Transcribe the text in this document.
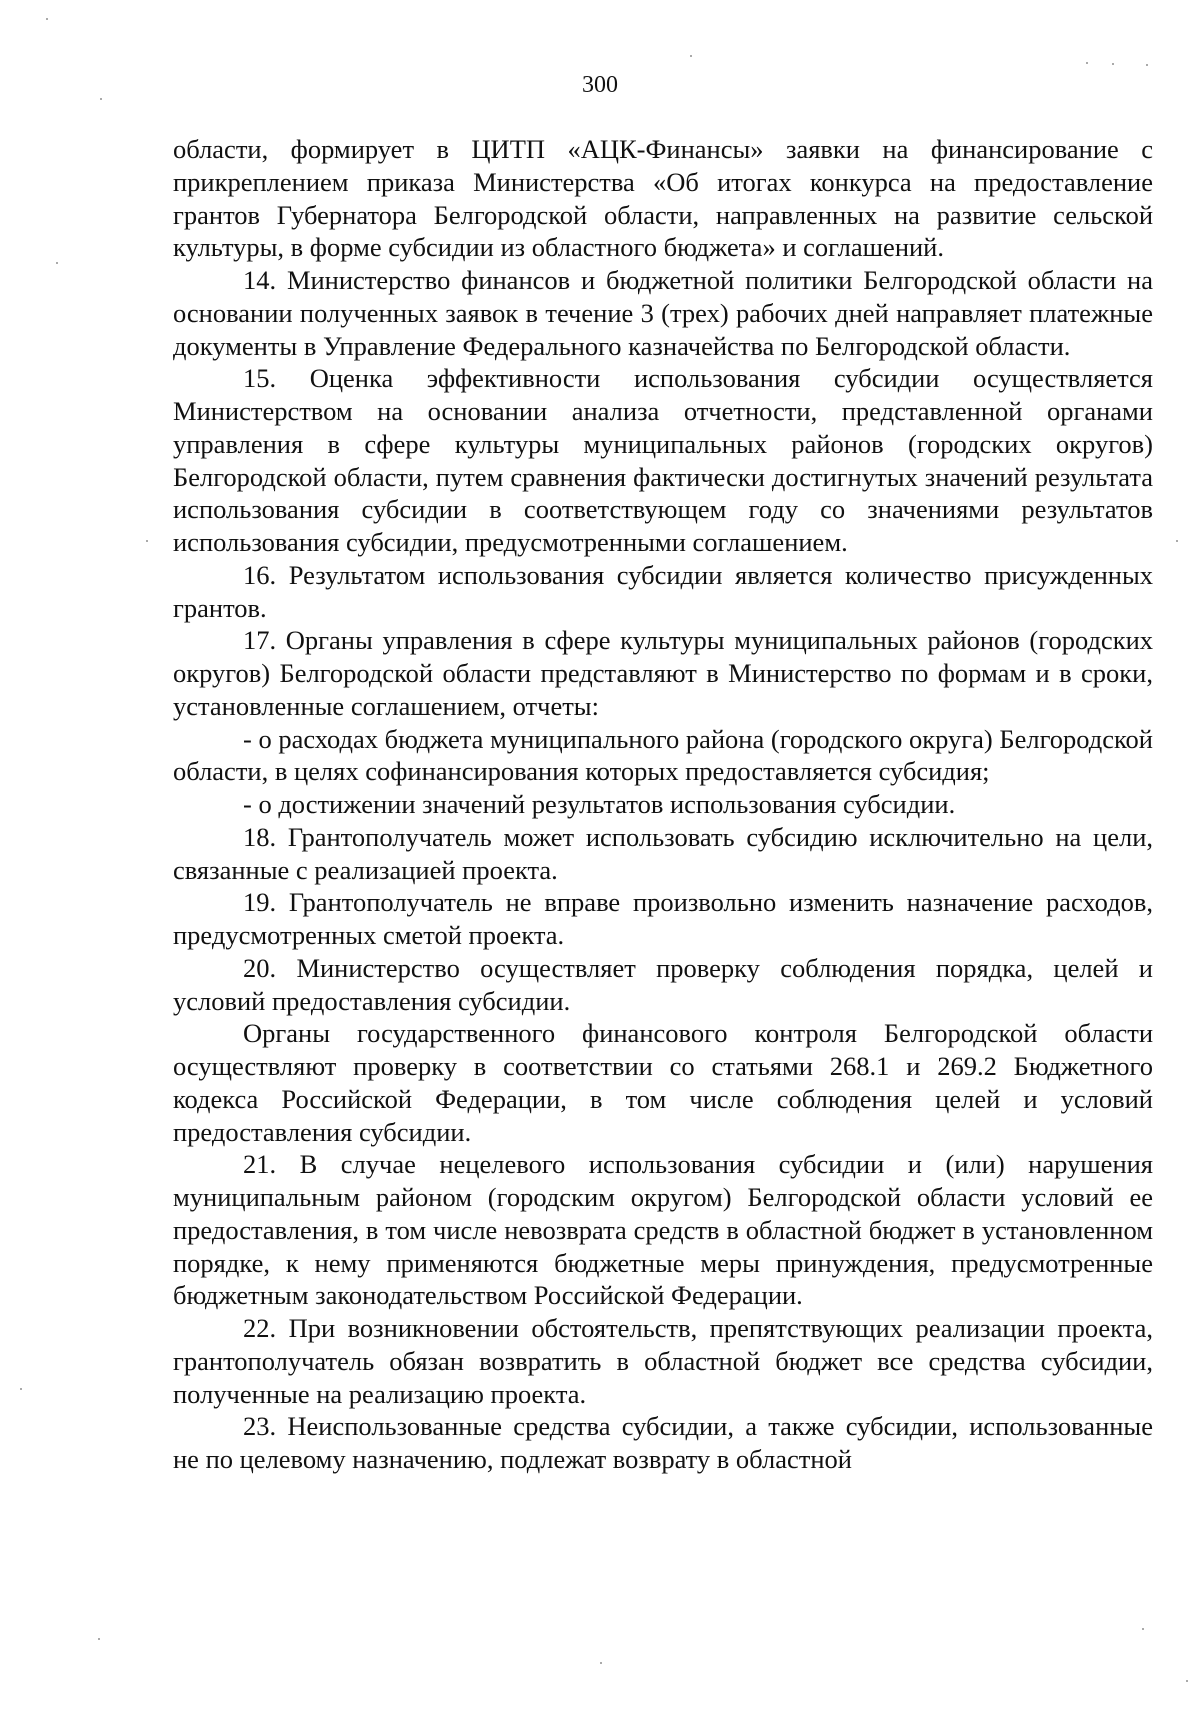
300

области, формирует в ЦИТП «АЦК-Финансы» заявки на финансирование с прикреплением приказа Министерства «Об итогах конкурса на предоставление грантов Губернатора Белгородской области, направленных на развитие сельской культуры, в форме субсидии из областного бюджета» и соглашений.

14. Министерство финансов и бюджетной политики Белгородской области на основании полученных заявок в течение 3 (трех) рабочих дней направляет платежные документы в Управление Федерального казначейства по Белгородской области.

15. Оценка эффективности использования субсидии осуществляется Министерством на основании анализа отчетности, представленной органами управления в сфере культуры муниципальных районов (городских округов) Белгородской области, путем сравнения фактически достигнутых значений результата использования субсидии в соответствующем году со значениями результатов использования субсидии, предусмотренными соглашением.

16. Результатом использования субсидии является количество присужденных грантов.

17. Органы управления в сфере культуры муниципальных районов (городских округов) Белгородской области представляют в Министерство по формам и в сроки, установленные соглашением, отчеты:

- о расходах бюджета муниципального района (городского округа) Белгородской области, в целях софинансирования которых предоставляется субсидия;

- о достижении значений результатов использования субсидии.

18. Грантополучатель может использовать субсидию исключительно на цели, связанные с реализацией проекта.

19. Грантополучатель не вправе произвольно изменить назначение расходов, предусмотренных сметой проекта.

20. Министерство осуществляет проверку соблюдения порядка, целей и условий предоставления субсидии.

Органы государственного финансового контроля Белгородской области осуществляют проверку в соответствии со статьями 268.1 и 269.2 Бюджетного кодекса Российской Федерации, в том числе соблюдения целей и условий предоставления субсидии.

21. В случае нецелевого использования субсидии и (или) нарушения муниципальным районом (городским округом) Белгородской области условий ее предоставления, в том числе невозврата средств в областной бюджет в установленном порядке, к нему применяются бюджетные меры принуждения, предусмотренные бюджетным законодательством Российской Федерации.

22. При возникновении обстоятельств, препятствующих реализации проекта, грантополучатель обязан возвратить в областной бюджет все средства субсидии, полученные на реализацию проекта.

23. Неиспользованные средства субсидии, а также субсидии, использованные не по целевому назначению, подлежат возврату в областной
